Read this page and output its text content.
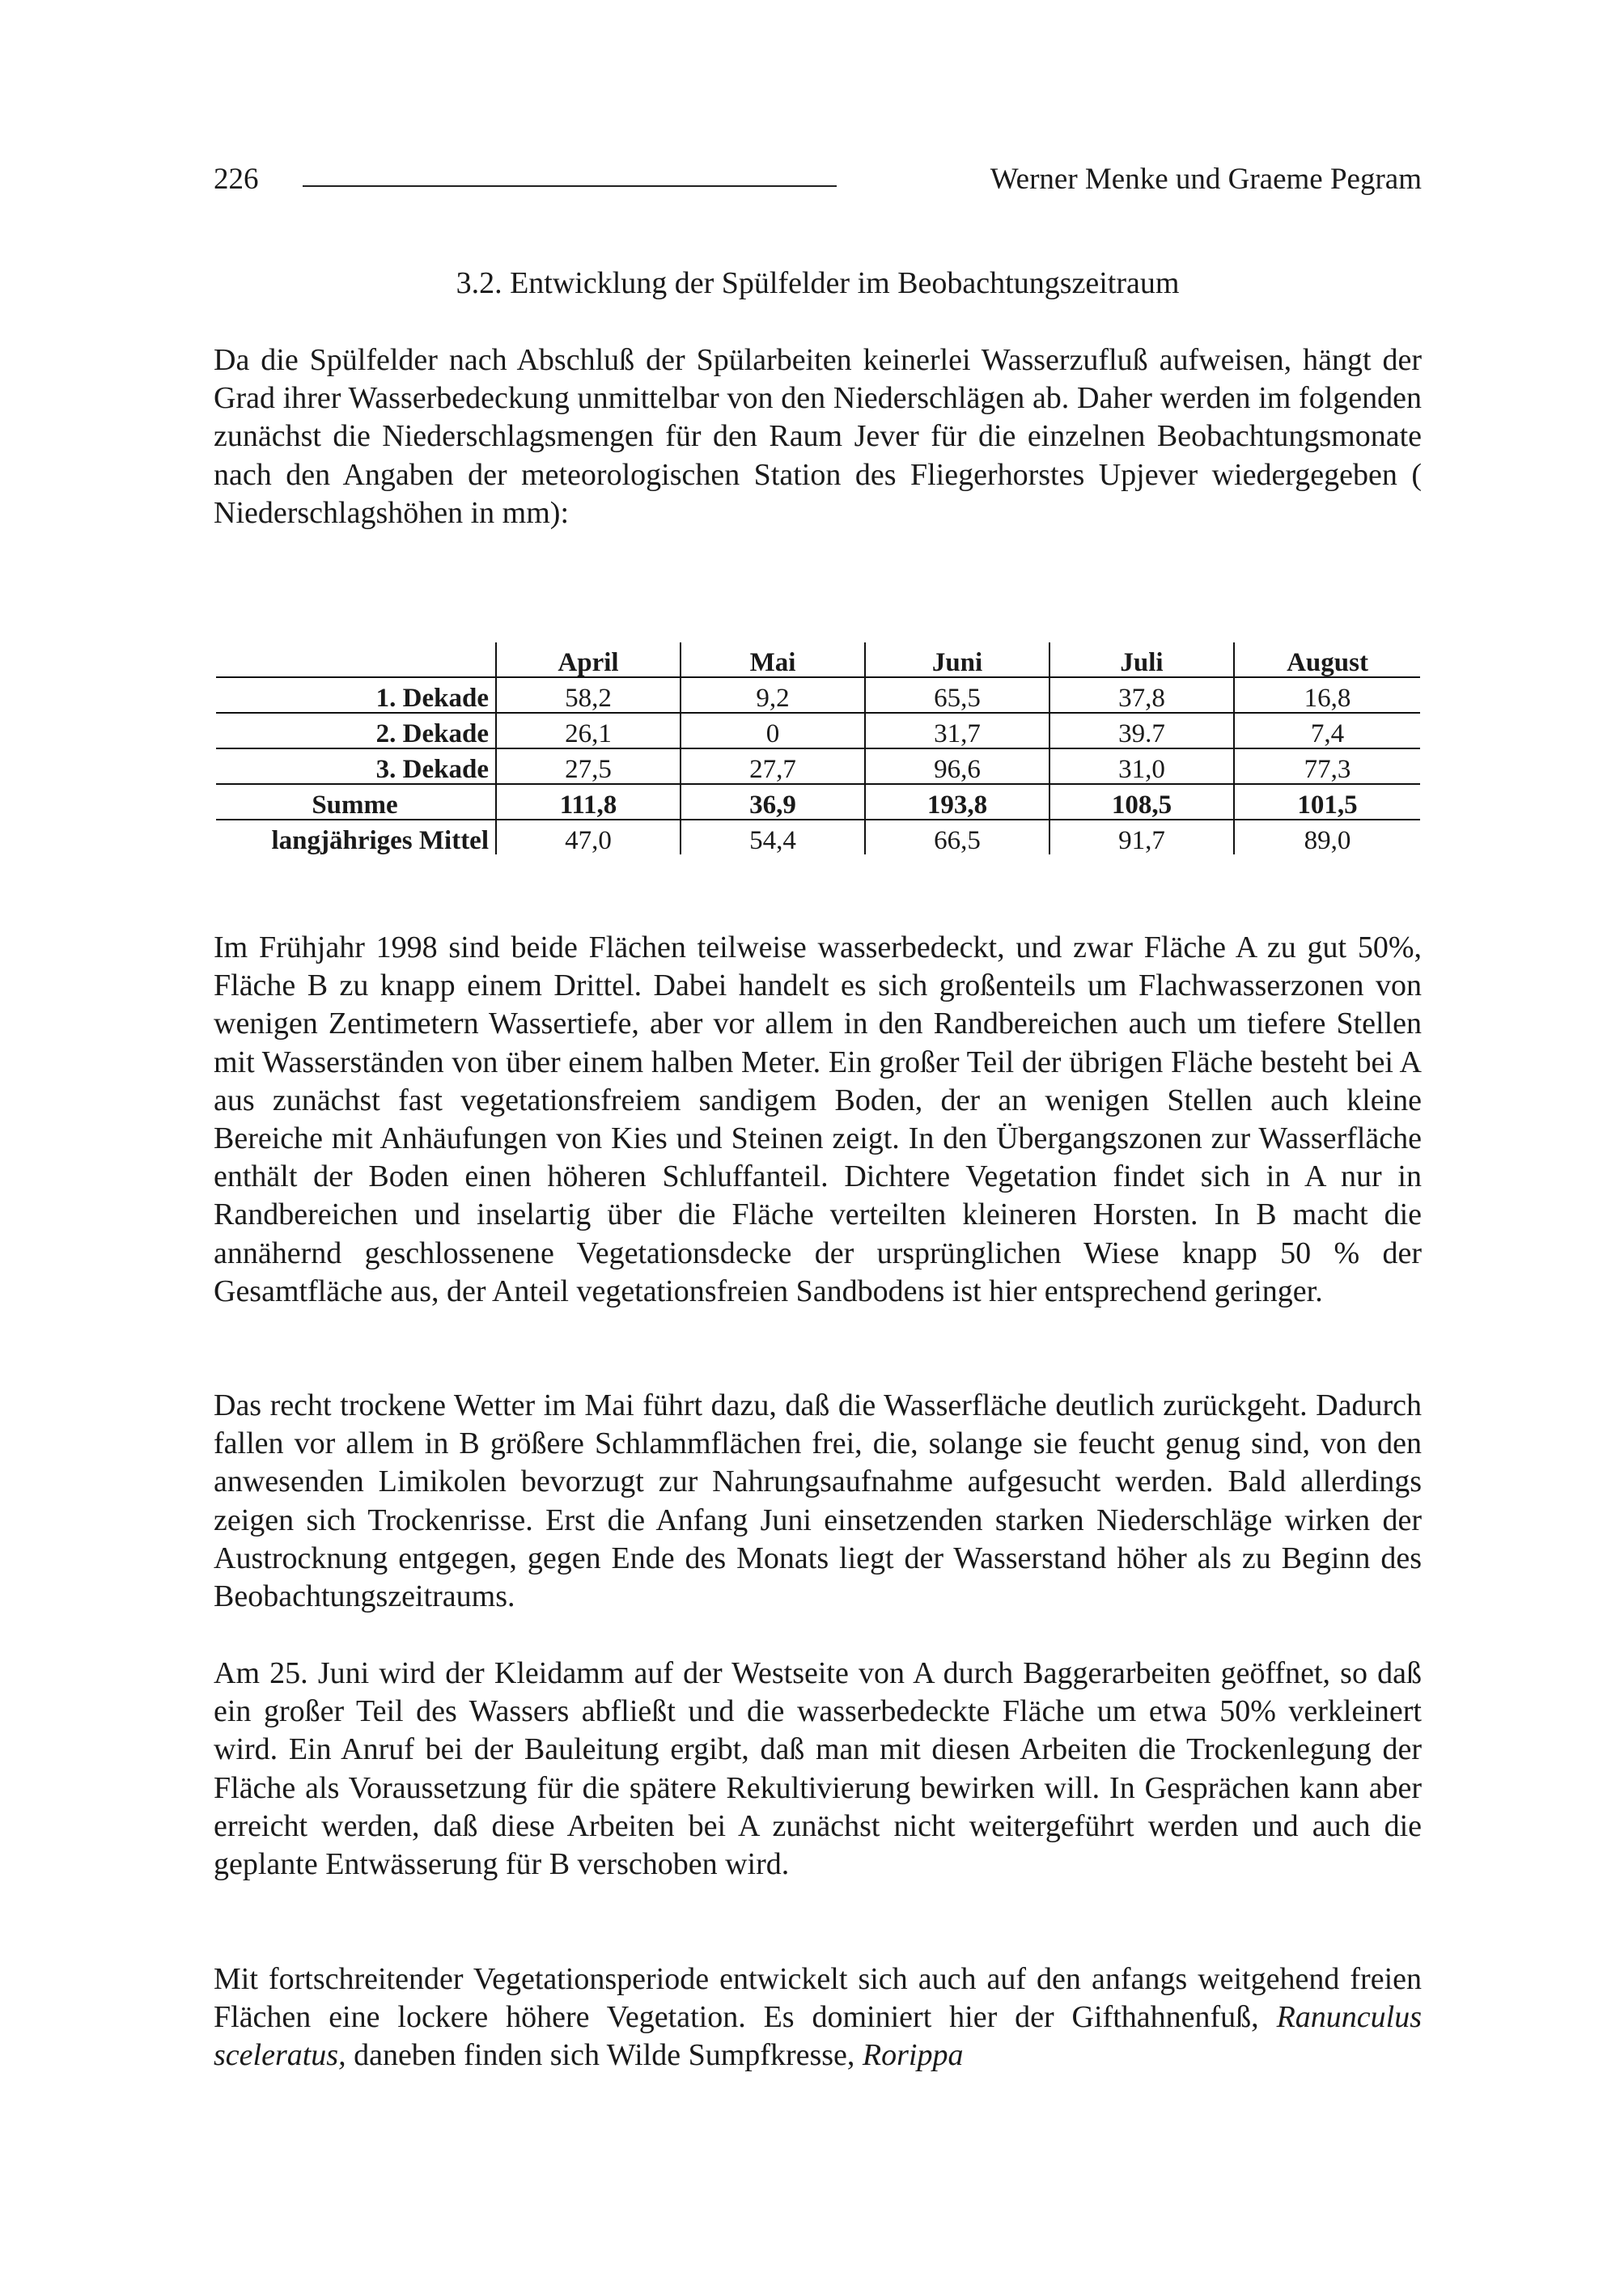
226	Werner Menke und Graeme Pegram
3.2. Entwicklung der Spülfelder im Beobachtungszeitraum

Da die Spülfelder nach Abschluß der Spülarbeiten keinerlei Wasserzufluß aufweisen, hängt der Grad ihrer Wasserbedeckung unmittelbar von den Niederschlägen ab. Daher werden im folgenden zunächst die Niederschlagsmengen für den Raum Jever für die einzelnen Beobachtungsmonate nach den Angaben der meteorologischen Station des Fliegerhorstes Upjever wiedergegeben ( Niederschlagshöhen in mm):

	April	Mai	Juni	Juli	August
1. Dekade	58,2	9,2	65,5	37,8	16,8
2. Dekade	26,1	0	31,7	39.7	7,4
3. Dekade	27,5	27,7	96,6	31,0	77,3
Summe	111,8	36,9	193,8	108,5	101,5
langjähriges Mittel	47,0	54,4	66,5	91,7	89,0

Im Frühjahr 1998 sind beide Flächen teilweise wasserbedeckt, und zwar Fläche A zu gut 50%, Fläche B zu knapp einem Drittel. Dabei handelt es sich großenteils um Flachwasserzonen von wenigen Zentimetern Wassertiefe, aber vor allem in den Randbereichen auch um tiefere Stellen mit Wasserständen von über einem halben Meter. Ein großer Teil der übrigen Fläche besteht bei A aus zunächst fast vegetationsfreiem sandigem Boden, der an wenigen Stellen auch kleine Bereiche mit Anhäufungen von Kies und Steinen zeigt. In den Übergangszonen zur Wasserfläche enthält der Boden einen höheren Schluffanteil. Dichtere Vegetation findet sich in A nur in Randbereichen und inselartig über die Fläche verteilten kleineren Horsten. In B macht die annähernd geschlossenene Vegetationsdecke der ursprünglichen Wiese knapp 50 % der Gesamtfläche aus, der Anteil vegetationsfreien Sandbodens ist hier entsprechend geringer.

Das recht trockene Wetter im Mai führt dazu, daß die Wasserfläche deutlich zurückgeht. Dadurch fallen vor allem in B größere Schlammflächen frei, die, solange sie feucht genug sind, von den anwesenden Limikolen bevorzugt zur Nahrungsaufnahme aufgesucht werden. Bald allerdings zeigen sich Trockenrisse. Erst die Anfang Juni einsetzenden starken Niederschläge wirken der Austrocknung entgegen, gegen Ende des Monats liegt der Wasserstand höher als zu Beginn des Beobachtungszeitraums.

Am 25. Juni wird der Kleidamm auf der Westseite von A durch Baggerarbeiten geöffnet, so daß ein großer Teil des Wassers abfließt und die wasserbedeckte Fläche um etwa 50% verkleinert wird. Ein Anruf bei der Bauleitung ergibt, daß man mit diesen Arbeiten die Trockenlegung der Fläche als Voraussetzung für die spätere Rekultivierung bewirken will. In Gesprächen kann aber erreicht werden, daß diese Arbeiten bei A zunächst nicht weitergeführt werden und auch die geplante Entwässerung für B verschoben wird.

Mit fortschreitender Vegetationsperiode entwickelt sich auch auf den anfangs weitgehend freien Flächen eine lockere höhere Vegetation. Es dominiert hier der Gifthahnenfuß, Ranunculus sceleratus, daneben finden sich Wilde Sumpfkresse, Rorippa
